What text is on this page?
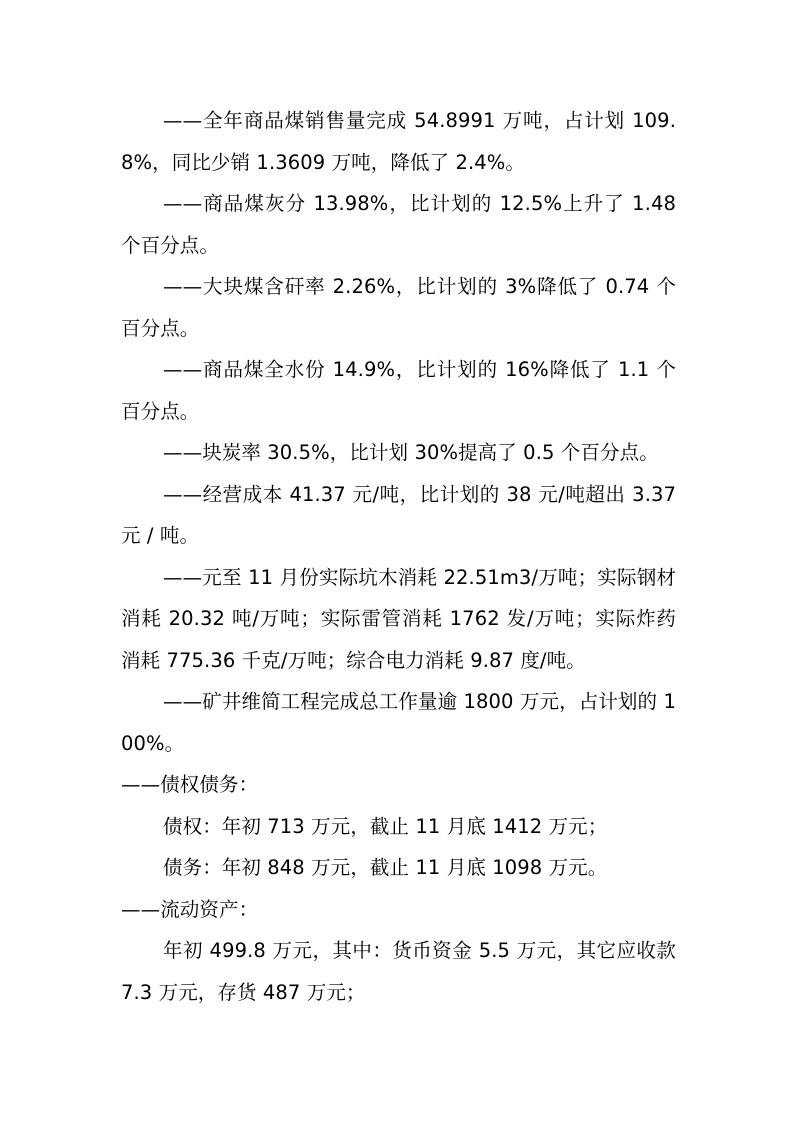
——全年商品煤销售量完成 54.8991 万吨，占计划 109.8%，同比少销 1.3609 万吨，降低了 2.4%。

——商品煤灰分 13.98%，比计划的 12.5%上升了 1.48 个百分点。

——大块煤含矸率 2.26%，比计划的 3%降低了 0.74 个百分点。

——商品煤全水份 14.9%，比计划的 16%降低了 1.1 个百分点。

——块炭率 30.5%，比计划 30%提高了 0.5 个百分点。

——经营成本 41.37 元/吨，比计划的 38 元/吨超出 3.37 元 / 吨。

——元至 11 月份实际坑木消耗 22.51m3/万吨；实际钢材消耗 20.32 吨/万吨；实际雷管消耗 1762 发/万吨；实际炸药消耗 775.36 千克/万吨；综合电力消耗 9.87 度/吨。

——矿井维简工程完成总工作量逾 1800 万元，占计划的 100%。

——债权债务：

债权：年初 713 万元，截止 11 月底 1412 万元；

债务：年初 848 万元，截止 11 月底 1098 万元。

——流动资产：

年初 499.8 万元，其中：货币资金 5.5 万元，其它应收款 7.3 万元，存货 487 万元；
